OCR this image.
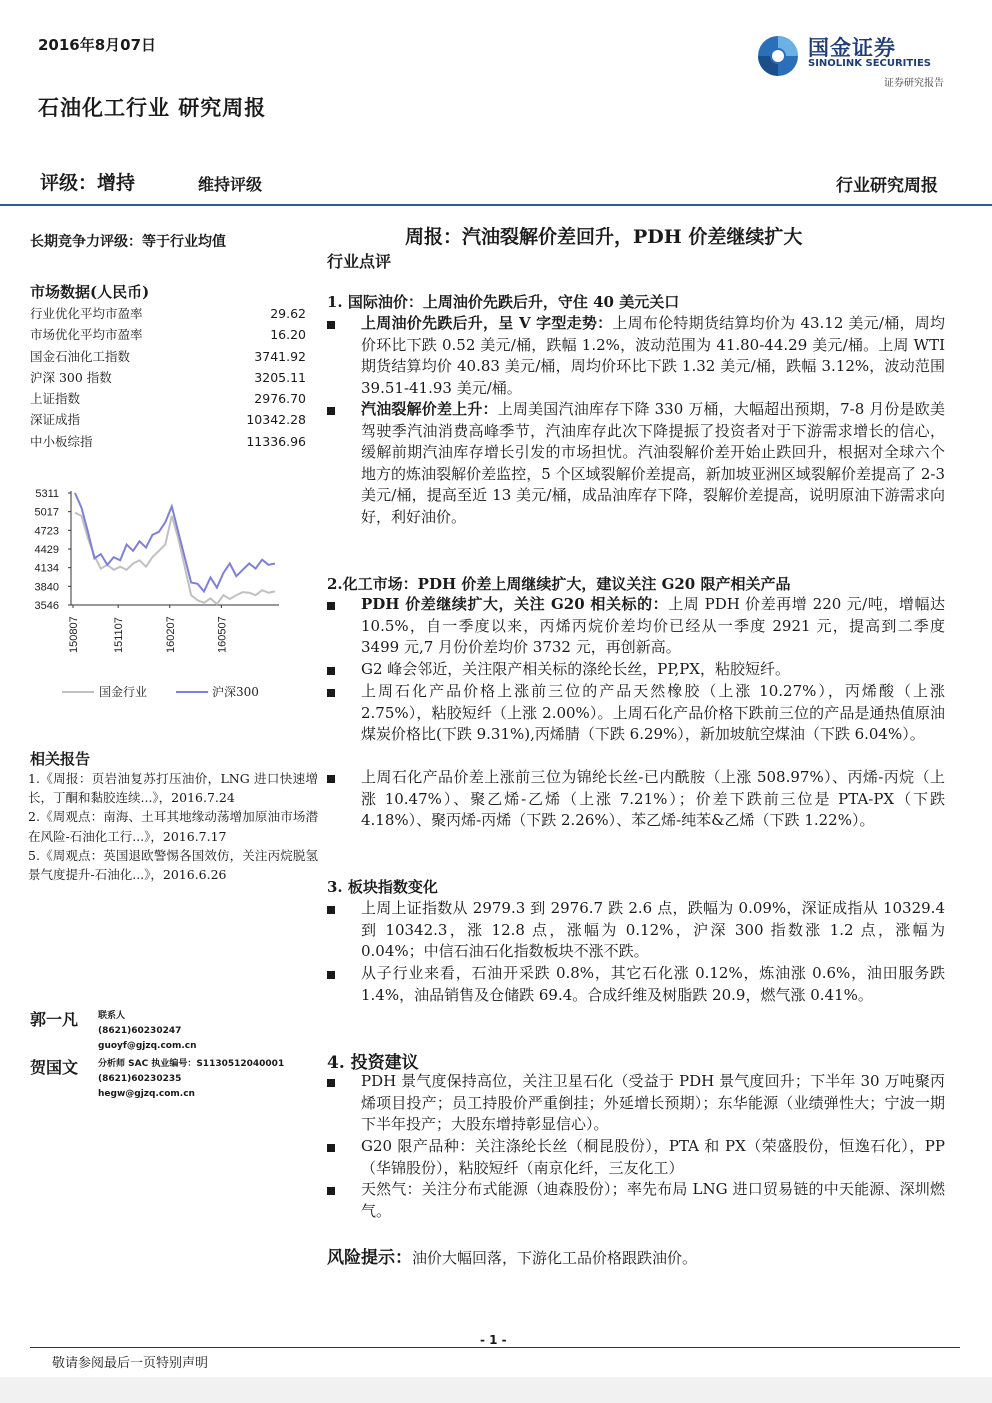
2016年8月07日	国金证券
SINOLINK SECURITIES
证券研究报告
石油化工行业 研究周报
评级：增持	维持评级	行业研究周报
长期竞争力评级：等于行业均值
市场数据(人民币)
行业优化平均市盈率	29.62
市场优化平均市盈率	16.20
国金石油化工指数	3741.92
沪深 300 指数	3205.11
上证指数	2976.70
深证成指	10342.28
中小板综指	11336.96
5311
5017
4723
4429
4134
3840
3546
150807	151107	160207	160507
国金行业	沪深300
相关报告
1.《周报：页岩油复苏打压油价，LNG 进口快速增长，丁酮和黏胶连续...》，2016.7.24
2.《周观点：南海、土耳其地缘动荡增加原油市场潜在风险-石油化工行...》，2016.7.17
5.《周观点：英国退欧警惕各国效仿，关注丙烷脱氢景气度提升-石油化...》，2016.6.26
郭一凡 联系人
(8621)60230247
guoyf@gjzq.com.cn
贺国文 分析师 SAC 执业编号：S1130512040001
(8621)60230235
hegw@gjzq.com.cn
周报：汽油裂解价差回升，PDH 价差继续扩大
行业点评
1. 国际油价：上周油价先跌后升，守住 40 美元关口
上周油价先跌后升，呈 V 字型走势：上周布伦特期货结算均价为 43.12 美元/桶，周均价环比下跌 0.52 美元/桶，跌幅 1.2%，波动范围为 41.80-44.29 美元/桶。上周 WTI 期货结算均价 40.83 美元/桶，周均价环比下跌 1.32 美元/桶，跌幅 3.12%，波动范围 39.51-41.93 美元/桶。
汽油裂解价差上升：上周美国汽油库存下降 330 万桶，大幅超出预期，7-8 月份是欧美驾驶季汽油消费高峰季节，汽油库存此次下降提振了投资者对于下游需求增长的信心，缓解前期汽油库存增长引发的市场担忧。汽油裂解价差开始止跌回升，根据对全球六个地方的炼油裂解价差监控，5 个区域裂解价差提高，新加坡亚洲区域裂解价差提高了 2-3 美元/桶，提高至近 13 美元/桶，成品油库存下降，裂解价差提高，说明原油下游需求向好，利好油价。
2.化工市场：PDH 价差上周继续扩大，建议关注 G20 限产相关产品
PDH 价差继续扩大，关注 G20 相关标的：上周 PDH 价差再增 220 元/吨，增幅达 10.5%，自一季度以来，丙烯丙烷价差均价已经从一季度 2921 元，提高到二季度 3499 元,7 月份价差均价 3732 元，再创新高。
G2 峰会邻近，关注限产相关标的涤纶长丝，PP,PX，粘胶短纤。
上周石化产品价格上涨前三位的产品天然橡胶（上涨 10.27%），丙烯酸（上涨 2.75%），粘胶短纤（上涨 2.00%）。上周石化产品价格下跌前三位的产品是通热值原油煤炭价格比(下跌 9.31%),丙烯腈（下跌 6.29%），新加坡航空煤油（下跌 6.04%）。
上周石化产品价差上涨前三位为锦纶长丝-已内酰胺（上涨 508.97%）、丙烯-丙烷（上涨 10.47%）、聚乙烯-乙烯（上涨 7.21%）；价差下跌前三位是 PTA-PX（下跌 4.18%）、聚丙烯-丙烯（下跌 2.26%）、苯乙烯-纯苯&乙烯（下跌 1.22%）。
3. 板块指数变化
上周上证指数从 2979.3 到 2976.7 跌 2.6 点，跌幅为 0.09%，深证成指从 10329.4 到 10342.3，涨 12.8 点，涨幅为 0.12%，沪深 300 指数涨 1.2 点，涨幅为 0.04%；中信石油石化指数板块不涨不跌。
从子行业来看，石油开采跌 0.8%，其它石化涨 0.12%，炼油涨 0.6%，油田服务跌 1.4%，油品销售及仓储跌 69.4。合成纤维及树脂跌 20.9，燃气涨 0.41%。
4. 投资建议
PDH 景气度保持高位，关注卫星石化（受益于 PDH 景气度回升；下半年 30 万吨聚丙烯项目投产；员工持股价严重倒挂；外延增长预期）；东华能源（业绩弹性大；宁波一期下半年投产；大股东增持彰显信心）。
G20 限产品种：关注涤纶长丝（桐昆股份），PTA 和 PX（荣盛股份，恒逸石化），PP（华锦股份），粘胶短纤（南京化纤，三友化工）
天然气：关注分布式能源（迪森股份）；率先布局 LNG 进口贸易链的中天能源、深圳燃气。
风险提示：油价大幅回落，下游化工品价格跟跌油价。
- 1 -
敬请参阅最后一页特别声明
